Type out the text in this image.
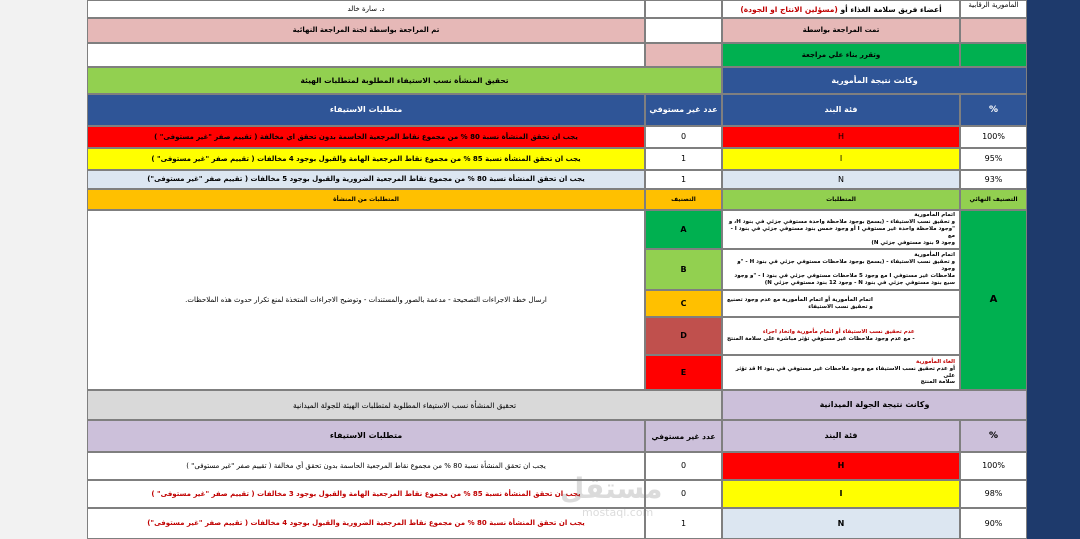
المأمورية الرقابية
أعضاء فريق سلامة الغذاء

أو

(مسؤلين الانتاج او الجودة)
د. سارة خالد
تمت المراجعة بواسطة
تم المراجعة بواسطة لجنة المراجعة النهائية
وتقرر بناء علي مراجعة
وكانت نتيجة المأمورية
تحقيق المنشأة نسب الاستيفاء المطلوبة لمتطلبات الهيئة
%
فئة البند
عدد غير مستوفي
متطلبات الاستيفاء
100%
H
0
يجب ان تحقق المنشأة نسبة 80 % من مجموع نقاط المرجعية الحاسمة بدون تحقق اي مخالفة ( تقييم صفر "غير مستوفى" )
95%
I
1
يجب ان تحقق المنشأة نسبة 85 % من مجموع نقاط المرجعية الهامة والقبول بوجود 4 مخالفات ( تقييم صفر "غير مستوفى" )
93%
N
1
يجب ان تحقق المنشأة نسبة 80 % من مجموع نقاط المرجعية الضرورية والقبول بوجود 5 مخالفات ( تقييم صفر "غير مستوفى")
التصنيف النهائي
المتطلبات
التصنيف
المتطلبات من المنشأة
A
ارسال خطة الاجراءات التصحيحة - مدعمة بالصور والمستندات - وتوضيح الاجراءات المتخذة لمنع تكرار حدوث هذه الملاحظات.
A
اتمام المأمورية
و تحقيق نسب الاستيفاء - (يسمح بوجود ملاحظة واحدة مستوفي جزئي في بنود H، و
"وجود ملاحظة واحدة غير مستوفي I أو وجود خمس بنود مستوفي جزئي في بنود I - مع
وجود 9 بنود مستوفي جزئي N)
B
اتمام المأمورية
و تحقيق نسب الاستيفاء - (يسمح بوجود ملاحظات مستوفي جزئي في بنود H - "و وجود
ملاحظات غير مستوفي I مع وجود 5 ملاحظات مستوفي جزئي في بنود I - "و وجود
سبع بنود مستوفي جزئي في بنود N - وجود 12 بنود مستوفي جزئي N)
C	اتمام المأمورية أو اتمام المأمورية مع عدم وجود تصنيع
و تحقيق نسب الاستيفاء
D	عدم تحقيق نسب الاستيفاء أو اتمام مأمورية واتخاذ اجراء
- مع عدم وجود ملاحظات غير مستوفي تؤثر مباشرة على سلامة المنتج
E
الغاء المأمورية
أو عدم تحقيق نسب الاستيفاء مع وجود ملاحظات غير مستوفي في بنود H قد تؤثر على
سلامة المنتج
وكانت نتيجة الجولة الميدانية
تحقيق المنشأة نسب الاستيفاء المطلوبة لمتطلبات الهيئة للجولة الميدانية
%
فئة البند
عدد غير مستوفي
متطلبات الاستيفاء
100%
H
0
يجب ان تحقق المنشأة نسبة 80 % من مجموع نقاط المرجعية الحاسمة بدون تحقق أي مخالفة ( تقييم صفر "غير مستوفى" )
98%
I
0
يجب ان تحقق المنشأة نسبة 85 % من مجموع نقاط المرجعية الهامة والقبول بوجود 3 مخالفات ( تقييم صفر "غير مستوفى" )
90%
N
1
يجب ان تحقق المنشأة نسبة 80 % من مجموع نقاط المرجعية الضرورية والقبول بوجود 4 مخالفات ( تقييم صفر "غير مستوفى")
مستقل
mostaql.com
